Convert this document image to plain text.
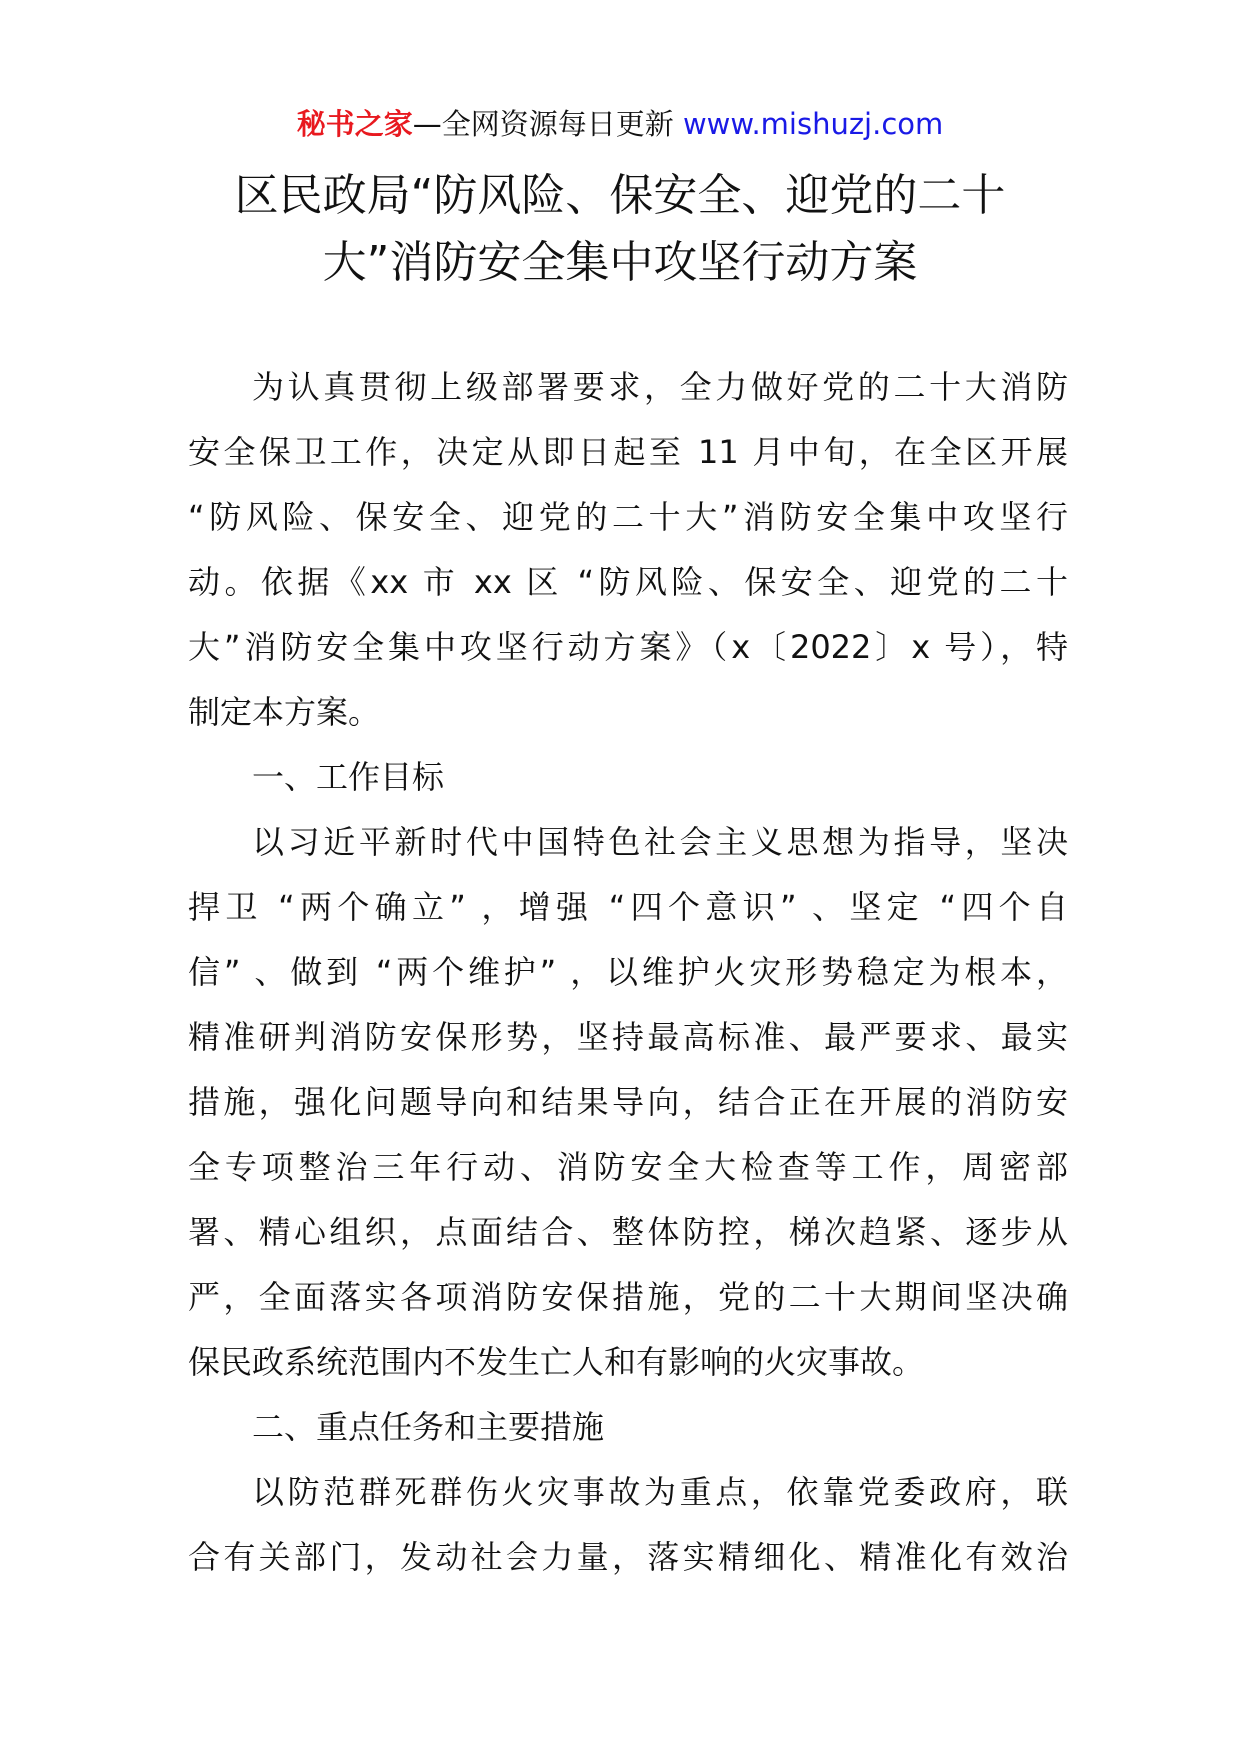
秘书之家—全网资源每日更新 www.mishuzj.com
区民政局“防风险、保安全、迎党的二十
大”消防安全集中攻坚行动方案
为认真贯彻上级部署要求，全力做好党的二十大消防
安全保卫工作，决定从即日起至 11 月中旬，在全区开展
“防风险、保安全、迎党的二十大”消防安全集中攻坚行
动。依据《xx 市 xx 区 “防风险、保安全、迎党的二十
大”消防安全集中攻坚行动方案》（x〔2022〕x 号），特
制定本方案。
一、工作目标
以习近平新时代中国特色社会主义思想为指导，坚决
捍卫 “两个确立” ，增强 “四个意识” 、坚定 “四个自
信” 、做到 “两个维护” ，以维护火灾形势稳定为根本，
精准研判消防安保形势，坚持最高标准、最严要求、最实
措施，强化问题导向和结果导向，结合正在开展的消防安
全专项整治三年行动、消防安全大检查等工作，周密部
署、精心组织，点面结合、整体防控，梯次趋紧、逐步从
严，全面落实各项消防安保措施，党的二十大期间坚决确
保民政系统范围内不发生亡人和有影响的火灾事故。
二、重点任务和主要措施
以防范群死群伤火灾事故为重点，依靠党委政府，联
合有关部门，发动社会力量，落实精细化、精准化有效治
